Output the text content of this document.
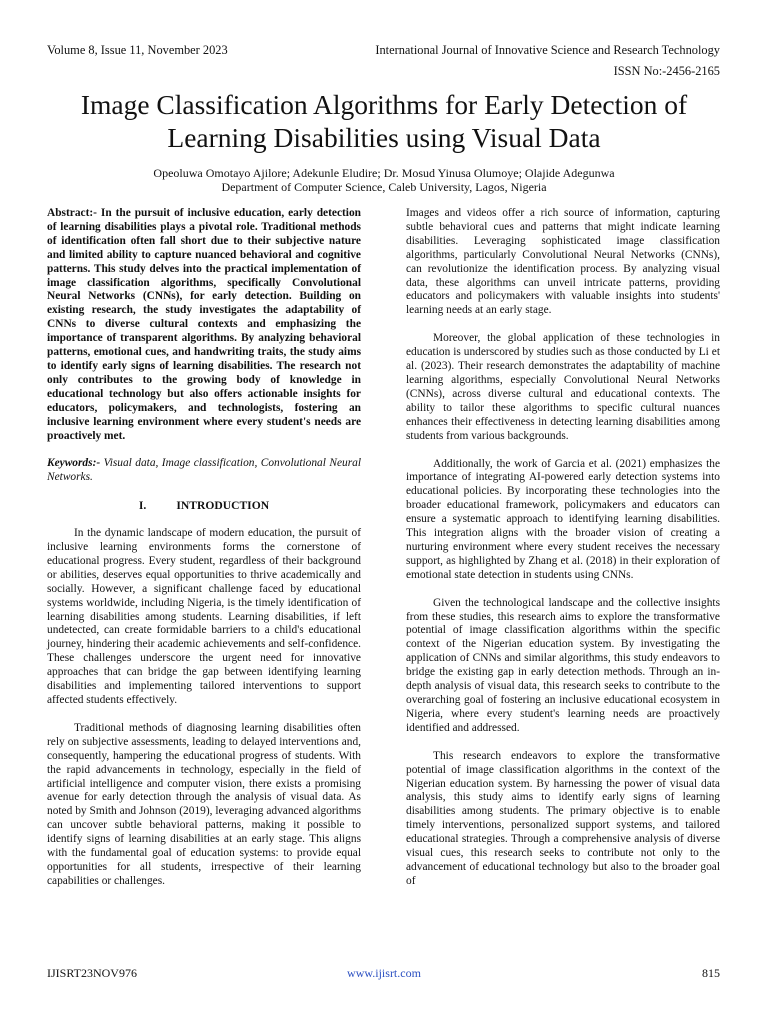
Volume 8, Issue 11, November 2023	International Journal of Innovative Science and Research Technology
ISSN No:-2456-2165
Image Classification Algorithms for Early Detection of Learning Disabilities using Visual Data
Opeoluwa Omotayo Ajilore; Adekunle Eludire; Dr. Mosud Yinusa Olumoye; Olajide Adegunwa
Department of Computer Science, Caleb University, Lagos, Nigeria

Abstract:- In the pursuit of inclusive education, early detection of learning disabilities plays a pivotal role. Traditional methods of identification often fall short due to their subjective nature and limited ability to capture nuanced behavioral and cognitive patterns. This study delves into the practical implementation of image classification algorithms, specifically Convolutional Neural Networks (CNNs), for early detection. Building on existing research, the study investigates the adaptability of CNNs to diverse cultural contexts and emphasizing the importance of transparent algorithms. By analyzing behavioral patterns, emotional cues, and handwriting traits, the study aims to identify early signs of learning disabilities. The research not only contributes to the growing body of knowledge in educational technology but also offers actionable insights for educators, policymakers, and technologists, fostering an inclusive learning environment where every student's needs are proactively met.

Keywords:- Visual data, Image classification, Convolutional Neural Networks.

I.	INTRODUCTION

In the dynamic landscape of modern education, the pursuit of inclusive learning environments forms the cornerstone of educational progress. Every student, regardless of their background or abilities, deserves equal opportunities to thrive academically and socially. However, a significant challenge faced by educational systems worldwide, including Nigeria, is the timely identification of learning disabilities among students. Learning disabilities, if left undetected, can create formidable barriers to a child's educational journey, hindering their academic achievements and self-confidence. These challenges underscore the urgent need for innovative approaches that can bridge the gap between identifying learning disabilities and implementing tailored interventions to support affected students effectively.

Traditional methods of diagnosing learning disabilities often rely on subjective assessments, leading to delayed interventions and, consequently, hampering the educational progress of students. With the rapid advancements in technology, especially in the field of artificial intelligence and computer vision, there exists a promising avenue for early detection through the analysis of visual data. As noted by Smith and Johnson (2019), leveraging advanced algorithms can uncover subtle behavioral patterns, making it possible to identify signs of learning disabilities at an early stage. This aligns with the fundamental goal of education systems: to provide equal opportunities for all students, irrespective of their learning capabilities or challenges.

Images and videos offer a rich source of information, capturing subtle behavioral cues and patterns that might indicate learning disabilities. Leveraging sophisticated image classification algorithms, particularly Convolutional Neural Networks (CNNs), can revolutionize the identification process. By analyzing visual data, these algorithms can unveil intricate patterns, providing educators and policymakers with valuable insights into students' learning needs at an early stage.

Moreover, the global application of these technologies in education is underscored by studies such as those conducted by Li et al. (2023). Their research demonstrates the adaptability of machine learning algorithms, especially Convolutional Neural Networks (CNNs), across diverse cultural and educational contexts. The ability to tailor these algorithms to specific cultural nuances enhances their effectiveness in detecting learning disabilities among students from various backgrounds.

Additionally, the work of Garcia et al. (2021) emphasizes the importance of integrating AI-powered early detection systems into educational policies. By incorporating these technologies into the broader educational framework, policymakers and educators can ensure a systematic approach to identifying learning disabilities. This integration aligns with the broader vision of creating a nurturing environment where every student receives the necessary support, as highlighted by Zhang et al. (2018) in their exploration of emotional state detection in students using CNNs.

Given the technological landscape and the collective insights from these studies, this research aims to explore the transformative potential of image classification algorithms within the specific context of the Nigerian education system. By investigating the application of CNNs and similar algorithms, this study endeavors to bridge the existing gap in early detection methods. Through an in-depth analysis of visual data, this research seeks to contribute to the overarching goal of fostering an inclusive educational ecosystem in Nigeria, where every student's learning needs are proactively identified and addressed.

This research endeavors to explore the transformative potential of image classification algorithms in the context of the Nigerian education system. By harnessing the power of visual data analysis, this study aims to identify early signs of learning disabilities among students. The primary objective is to enable timely interventions, personalized support systems, and tailored educational strategies. Through a comprehensive analysis of diverse visual cues, this research seeks to contribute not only to the advancement of educational technology but also to the broader goal of

IJISRT23NOV976	www.ijisrt.com	815
